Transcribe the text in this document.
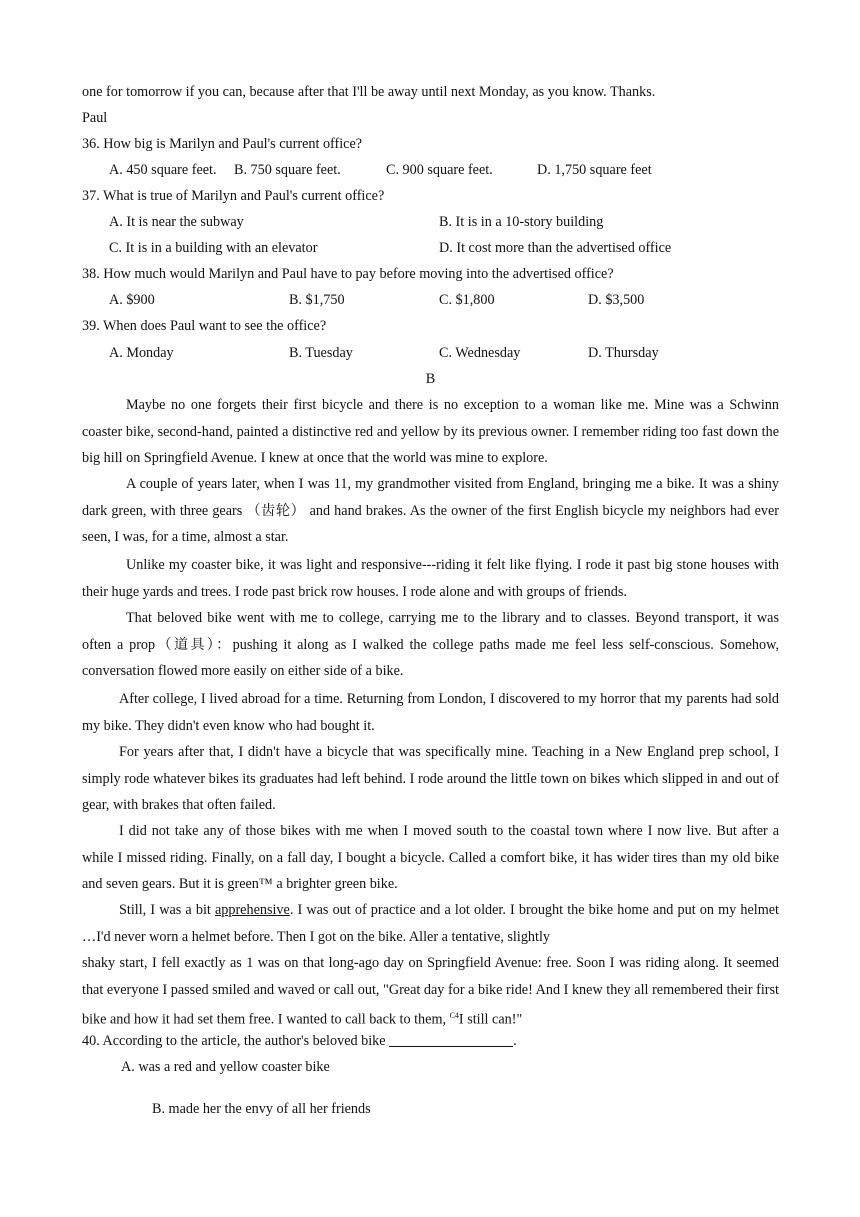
one for tomorrow if you can, because after that I'll be away until next Monday, as you know. Thanks.
Paul
36. How big is Marilyn and Paul's current office?
A. 450 square feet. B. 750 square feet.	C. 900 square feet.	D. 1,750 square feet
37. What is true of Marilyn and Paul's current office?
A. It is near the subway	B. It is in a 10-story building
C. It is in a building with an elevator	D. It cost more than the advertised office
38. How much would Marilyn and Paul have to pay before moving into the advertised office?
A. $900	B. $1,750	C. $1,800	D. $3,500
39. When does Paul want to see the office?
A. Monday	B. Tuesday	C. Wednesday	D. Thursday
B
Maybe no one forgets their first bicycle and there is no exception to a woman like me. Mine was a Schwinn coaster bike, second-hand, painted a distinctive red and yellow by its previous owner. I remember riding too fast down the big hill on Springfield Avenue. I knew at once that the world was mine to explore.
A couple of years later, when I was 11, my grandmother visited from England, bringing me a bike. It was a shiny dark green, with three gears （齿轮） and hand brakes. As the owner of the first English bicycle my neighbors had ever seen, I was, for a time, almost a star.
Unlike my coaster bike, it was light and responsive---riding it felt like flying. I rode it past big stone houses with their huge yards and trees. I rode past brick row houses. I rode alone and with groups of friends.
That beloved bike went with me to college, carrying me to the library and to classes. Beyond transport, it was often a prop（道具）：pushing it along as I walked the college paths made me feel less self-conscious. Somehow, conversation flowed more easily on either side of a bike.
After college, I lived abroad for a time. Returning from London, I discovered to my horror that my parents had sold my bike. They didn't even know who had bought it.
For years after that, I didn't have a bicycle that was specifically mine. Teaching in a New England prep school, I simply rode whatever bikes its graduates had left behind. I rode around the little town on bikes which slipped in and out of gear, with brakes that often failed.
I did not take any of those bikes with me when I moved south to the coastal town where I now live. But after a while I missed riding. Finally, on a fall day, I bought a bicycle. Called a comfort bike, it has wider tires than my old bike and seven gears. But it is green™ a brighter green bike.
Still, I was a bit apprehensive. I was out of practice and a lot older. I brought the bike home and put on my helmet …I'd never worn a helmet before. Then I got on the bike. Aller a tentative, slightly
shaky start, I fell exactly as 1 was on that long-ago day on Springfield Avenue: free. Soon I was riding along. It seemed that everyone I passed smiled and waved or call out, "Great day for a bike ride! And I knew they all remembered their first bike and how it had set them free. I wanted to call back to them, $^{C4}$I still can!"
40. According to the article, the author's beloved bike	.
A. was a red and yellow coaster bike
B. made her the envy of all her friends
